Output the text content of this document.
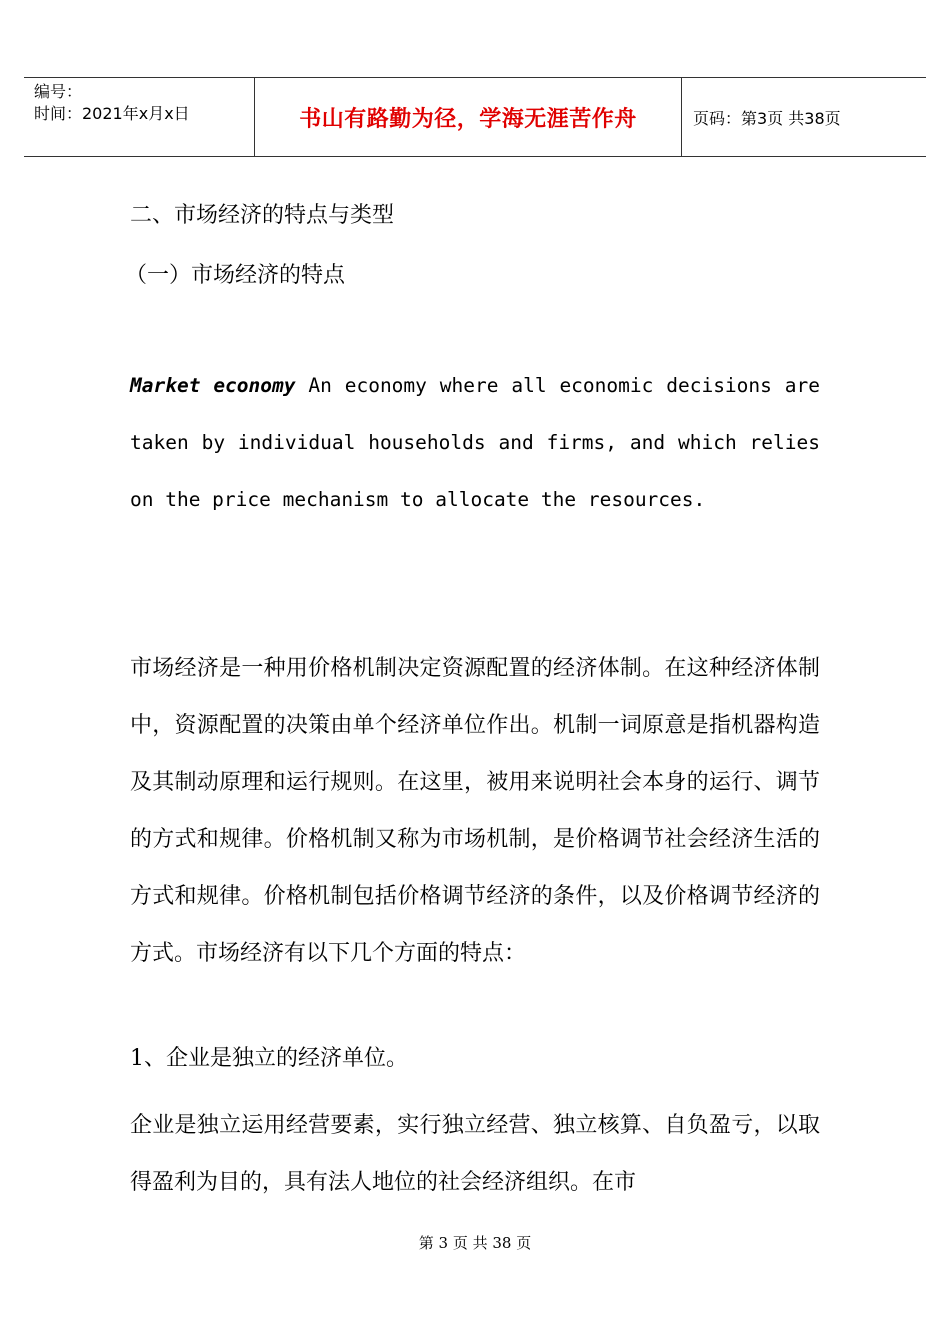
编号：
时间：2021年x月x日	书山有路勤为径，学海无涯苦作舟	页码：第3页 共38页
二、市场经济的特点与类型
（一）市场经济的特点
Market economy An economy where all economic decisions are taken by individual households and firms, and which relies on the price mechanism to allocate the resources.
市场经济是一种用价格机制决定资源配置的经济体制。在这种经济体制中，资源配置的决策由单个经济单位作出。机制一词原意是指机器构造及其制动原理和运行规则。在这里，被用来说明社会本身的运行、调节的方式和规律。价格机制又称为市场机制，是价格调节社会经济生活的方式和规律。价格机制包括价格调节经济的条件，以及价格调节经济的方式。市场经济有以下几个方面的特点：
1、企业是独立的经济单位。
企业是独立运用经营要素，实行独立经营、独立核算、自负盈亏，以取得盈利为目的，具有法人地位的社会经济组织。在市
第 3 页 共 38 页
